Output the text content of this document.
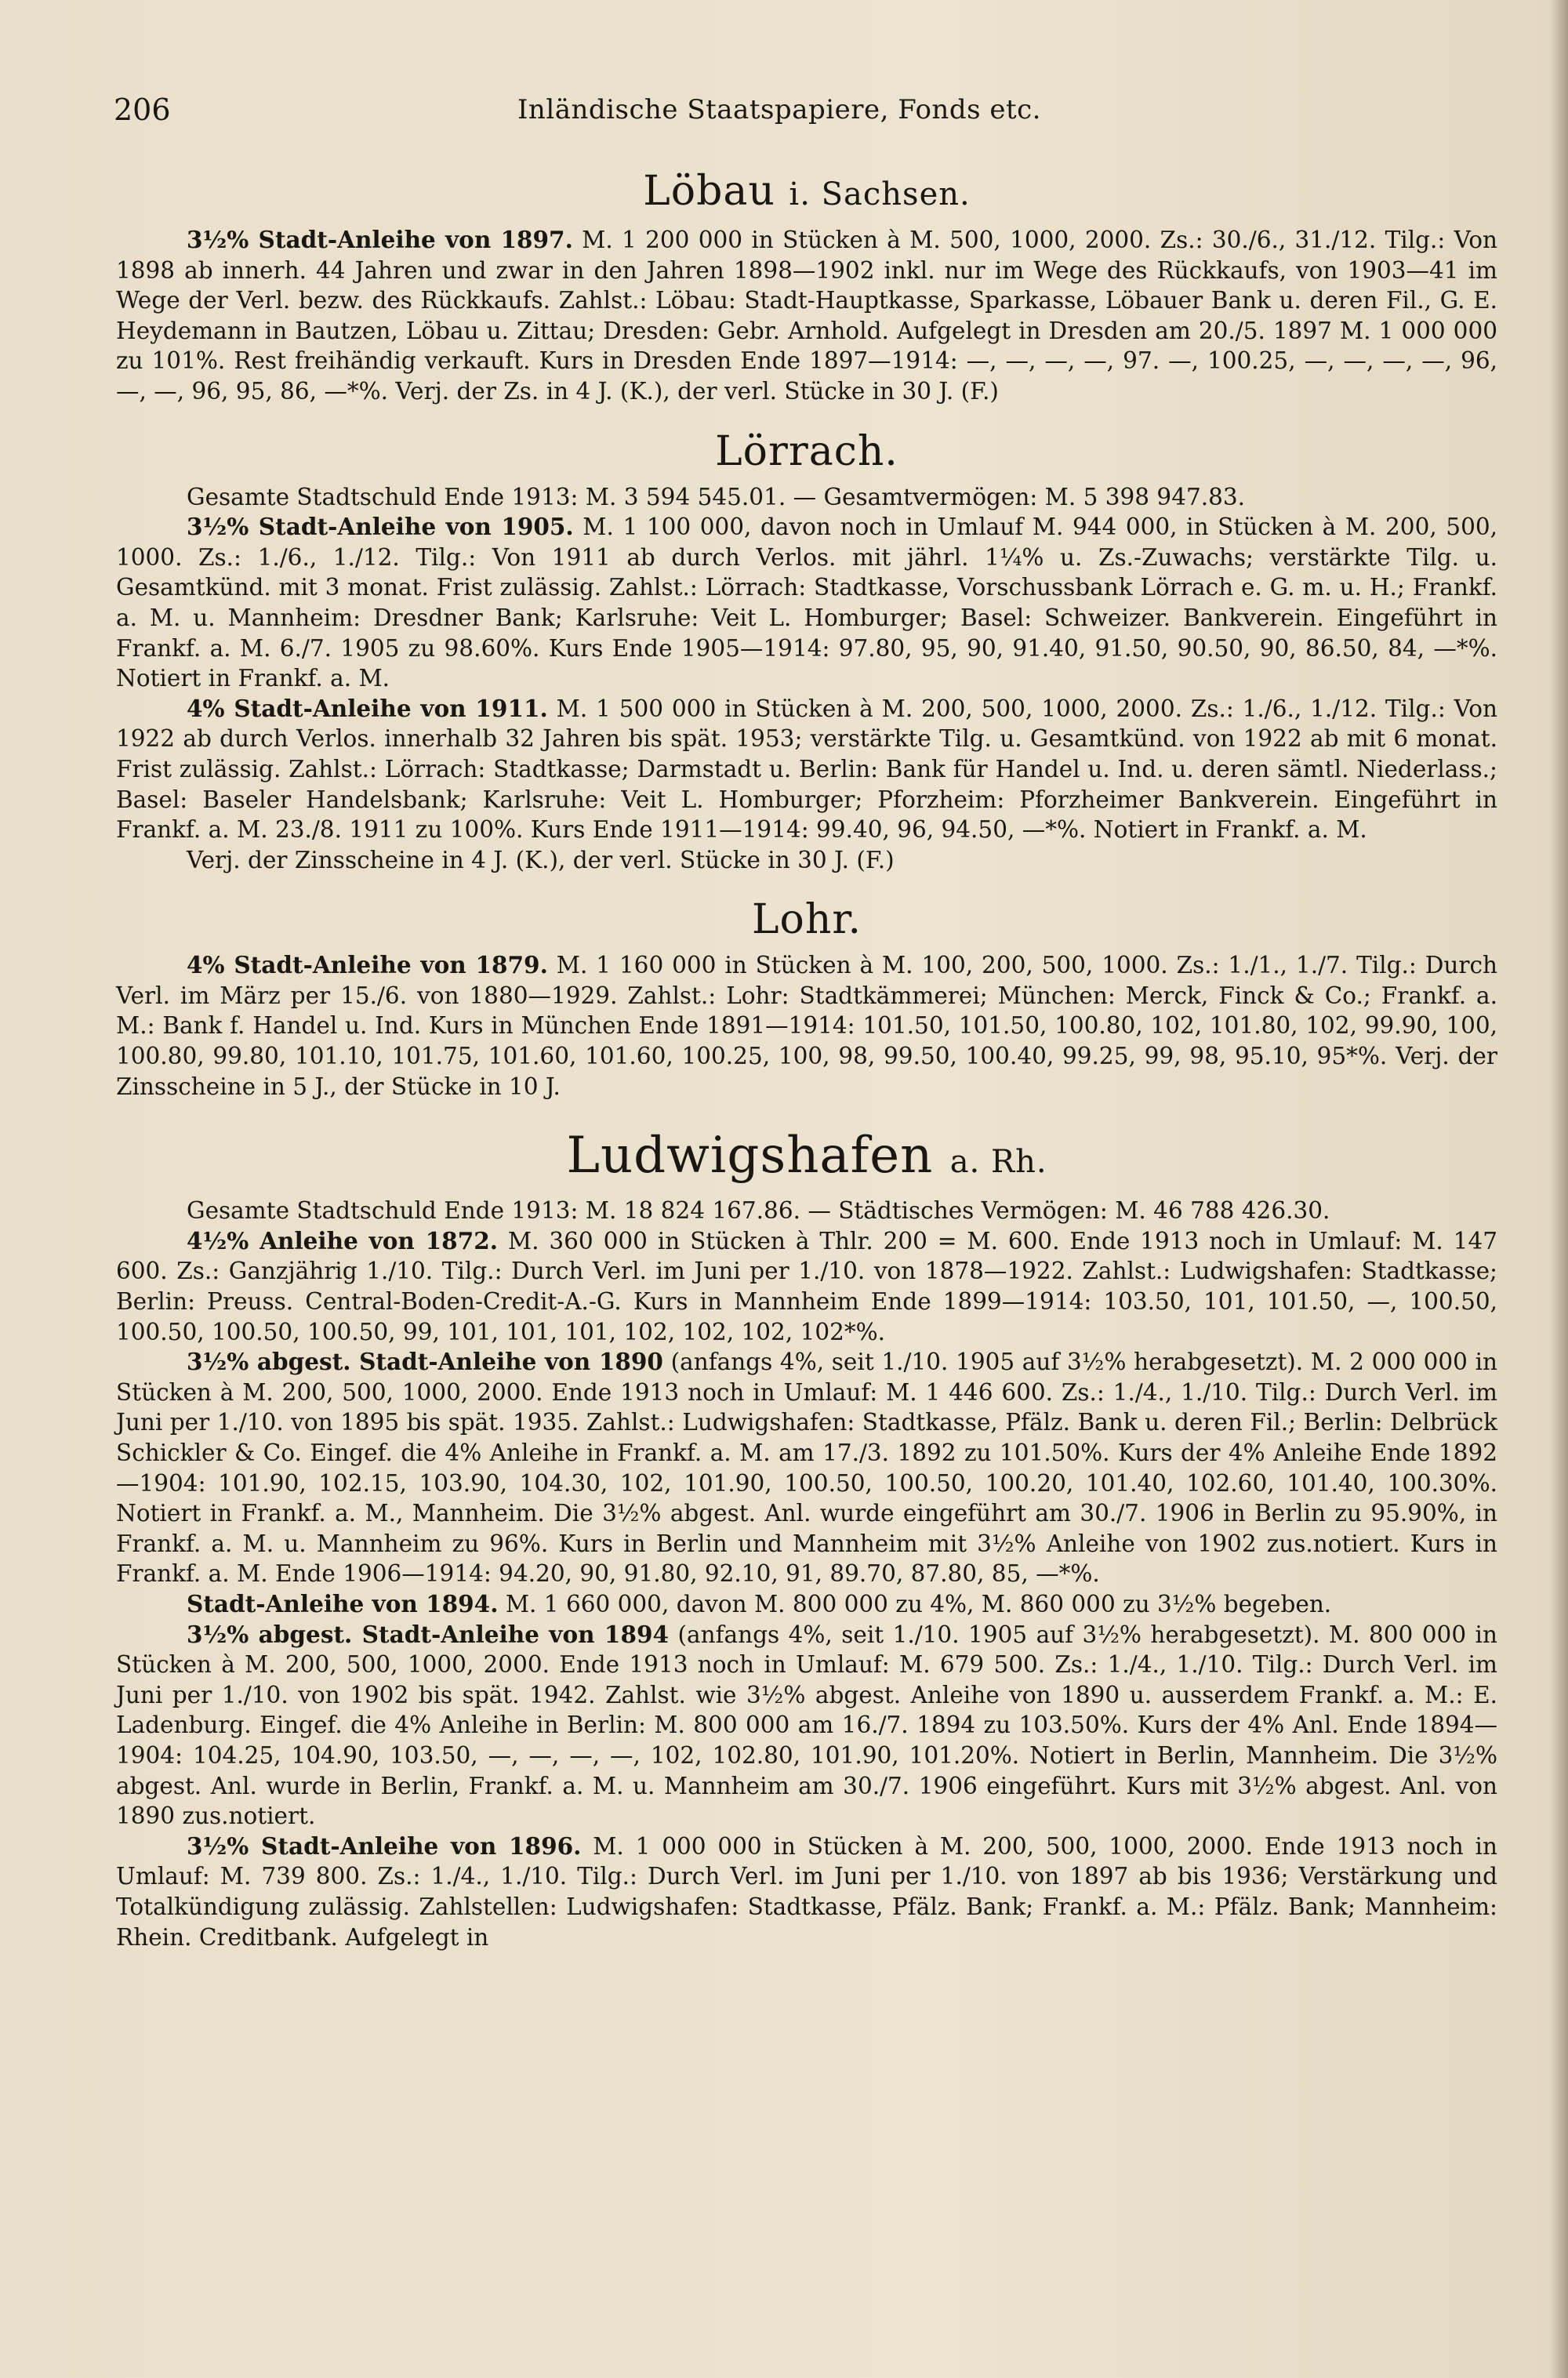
206	Inländische Staatspapiere, Fonds etc.
Löbau i. Sachsen.

3½% Stadt-Anleihe von 1897. M. 1 200 000 in Stücken à M. 500, 1000, 2000. Zs.: 30./6., 31./12. Tilg.: Von 1898 ab innerh. 44 Jahren und zwar in den Jahren 1898—1902 inkl. nur im Wege des Rückkaufs, von 1903—41 im Wege der Verl. bezw. des Rückkaufs. Zahlst.: Löbau: Stadt-Hauptkasse, Sparkasse, Löbauer Bank u. deren Fil., G. E. Heydemann in Bautzen, Löbau u. Zittau; Dresden: Gebr. Arnhold. Aufgelegt in Dresden am 20./5. 1897 M. 1 000 000 zu 101%. Rest freihändig verkauft. Kurs in Dresden Ende 1897—1914: —, —, —, —, 97. —, 100.25, —, —, —, —, 96, —, —, 96, 95, 86, —*%. Verj. der Zs. in 4 J. (K.), der verl. Stücke in 30 J. (F.)

Lörrach.

Gesamte Stadtschuld Ende 1913: M. 3 594 545.01. — Gesamtvermögen: M. 5 398 947.83.

3½% Stadt-Anleihe von 1905. M. 1 100 000, davon noch in Umlauf M. 944 000, in Stücken à M. 200, 500, 1000. Zs.: 1./6., 1./12. Tilg.: Von 1911 ab durch Verlos. mit jährl. 1¼% u. Zs.-Zuwachs; verstärkte Tilg. u. Gesamtkünd. mit 3 monat. Frist zulässig. Zahlst.: Lörrach: Stadtkasse, Vorschussbank Lörrach e. G. m. u. H.; Frankf. a. M. u. Mannheim: Dresdner Bank; Karlsruhe: Veit L. Homburger; Basel: Schweizer. Bankverein. Eingeführt in Frankf. a. M. 6./7. 1905 zu 98.60%. Kurs Ende 1905—1914: 97.80, 95, 90, 91.40, 91.50, 90.50, 90, 86.50, 84, —*%. Notiert in Frankf. a. M.

4% Stadt-Anleihe von 1911. M. 1 500 000 in Stücken à M. 200, 500, 1000, 2000. Zs.: 1./6., 1./12. Tilg.: Von 1922 ab durch Verlos. innerhalb 32 Jahren bis spät. 1953; verstärkte Tilg. u. Gesamtkünd. von 1922 ab mit 6 monat. Frist zulässig. Zahlst.: Lörrach: Stadtkasse; Darmstadt u. Berlin: Bank für Handel u. Ind. u. deren sämtl. Niederlass.; Basel: Baseler Handelsbank; Karlsruhe: Veit L. Homburger; Pforzheim: Pforzheimer Bankverein. Eingeführt in Frankf. a. M. 23./8. 1911 zu 100%. Kurs Ende 1911—1914: 99.40, 96, 94.50, —*%. Notiert in Frankf. a. M.

Verj. der Zinsscheine in 4 J. (K.), der verl. Stücke in 30 J. (F.)

Lohr.

4% Stadt-Anleihe von 1879. M. 1 160 000 in Stücken à M. 100, 200, 500, 1000. Zs.: 1./1., 1./7. Tilg.: Durch Verl. im März per 15./6. von 1880—1929. Zahlst.: Lohr: Stadtkämmerei; München: Merck, Finck & Co.; Frankf. a. M.: Bank f. Handel u. Ind. Kurs in München Ende 1891—1914: 101.50, 101.50, 100.80, 102, 101.80, 102, 99.90, 100, 100.80, 99.80, 101.10, 101.75, 101.60, 101.60, 100.25, 100, 98, 99.50, 100.40, 99.25, 99, 98, 95.10, 95*%. Verj. der Zinsscheine in 5 J., der Stücke in 10 J.

Ludwigshafen a. Rh.

Gesamte Stadtschuld Ende 1913: M. 18 824 167.86. — Städtisches Vermögen: M. 46 788 426.30.

4½% Anleihe von 1872. M. 360 000 in Stücken à Thlr. 200 = M. 600. Ende 1913 noch in Umlauf: M. 147 600. Zs.: Ganzjährig 1./10. Tilg.: Durch Verl. im Juni per 1./10. von 1878—1922. Zahlst.: Ludwigshafen: Stadtkasse; Berlin: Preuss. Central-Boden-Credit-A.-G. Kurs in Mannheim Ende 1899—1914: 103.50, 101, 101.50, —, 100.50, 100.50, 100.50, 100.50, 99, 101, 101, 101, 102, 102, 102, 102*%.

3½% abgest. Stadt-Anleihe von 1890 (anfangs 4%, seit 1./10. 1905 auf 3½% herabgesetzt). M. 2 000 000 in Stücken à M. 200, 500, 1000, 2000. Ende 1913 noch in Umlauf: M. 1 446 600. Zs.: 1./4., 1./10. Tilg.: Durch Verl. im Juni per 1./10. von 1895 bis spät. 1935. Zahlst.: Ludwigshafen: Stadtkasse, Pfälz. Bank u. deren Fil.; Berlin: Delbrück Schickler & Co. Eingef. die 4% Anleihe in Frankf. a. M. am 17./3. 1892 zu 101.50%. Kurs der 4% Anleihe Ende 1892—1904: 101.90, 102.15, 103.90, 104.30, 102, 101.90, 100.50, 100.50, 100.20, 101.40, 102.60, 101.40, 100.30%. Notiert in Frankf. a. M., Mannheim. Die 3½% abgest. Anl. wurde eingeführt am 30./7. 1906 in Berlin zu 95.90%, in Frankf. a. M. u. Mannheim zu 96%. Kurs in Berlin und Mannheim mit 3½% Anleihe von 1902 zus.notiert. Kurs in Frankf. a. M. Ende 1906—1914: 94.20, 90, 91.80, 92.10, 91, 89.70, 87.80, 85, —*%.

Stadt-Anleihe von 1894. M. 1 660 000, davon M. 800 000 zu 4%, M. 860 000 zu 3½% begeben.

3½% abgest. Stadt-Anleihe von 1894 (anfangs 4%, seit 1./10. 1905 auf 3½% herabgesetzt). M. 800 000 in Stücken à M. 200, 500, 1000, 2000. Ende 1913 noch in Umlauf: M. 679 500. Zs.: 1./4., 1./10. Tilg.: Durch Verl. im Juni per 1./10. von 1902 bis spät. 1942. Zahlst. wie 3½% abgest. Anleihe von 1890 u. ausserdem Frankf. a. M.: E. Ladenburg. Eingef. die 4% Anleihe in Berlin: M. 800 000 am 16./7. 1894 zu 103.50%. Kurs der 4% Anl. Ende 1894—1904: 104.25, 104.90, 103.50, —, —, —, —, 102, 102.80, 101.90, 101.20%. Notiert in Berlin, Mannheim. Die 3½% abgest. Anl. wurde in Berlin, Frankf. a. M. u. Mannheim am 30./7. 1906 eingeführt. Kurs mit 3½% abgest. Anl. von 1890 zus.notiert.

3½% Stadt-Anleihe von 1896. M. 1 000 000 in Stücken à M. 200, 500, 1000, 2000. Ende 1913 noch in Umlauf: M. 739 800. Zs.: 1./4., 1./10. Tilg.: Durch Verl. im Juni per 1./10. von 1897 ab bis 1936; Verstärkung und Totalkündigung zulässig. Zahlstellen: Ludwigshafen: Stadtkasse, Pfälz. Bank; Frankf. a. M.: Pfälz. Bank; Mannheim: Rhein. Creditbank. Aufgelegt in
